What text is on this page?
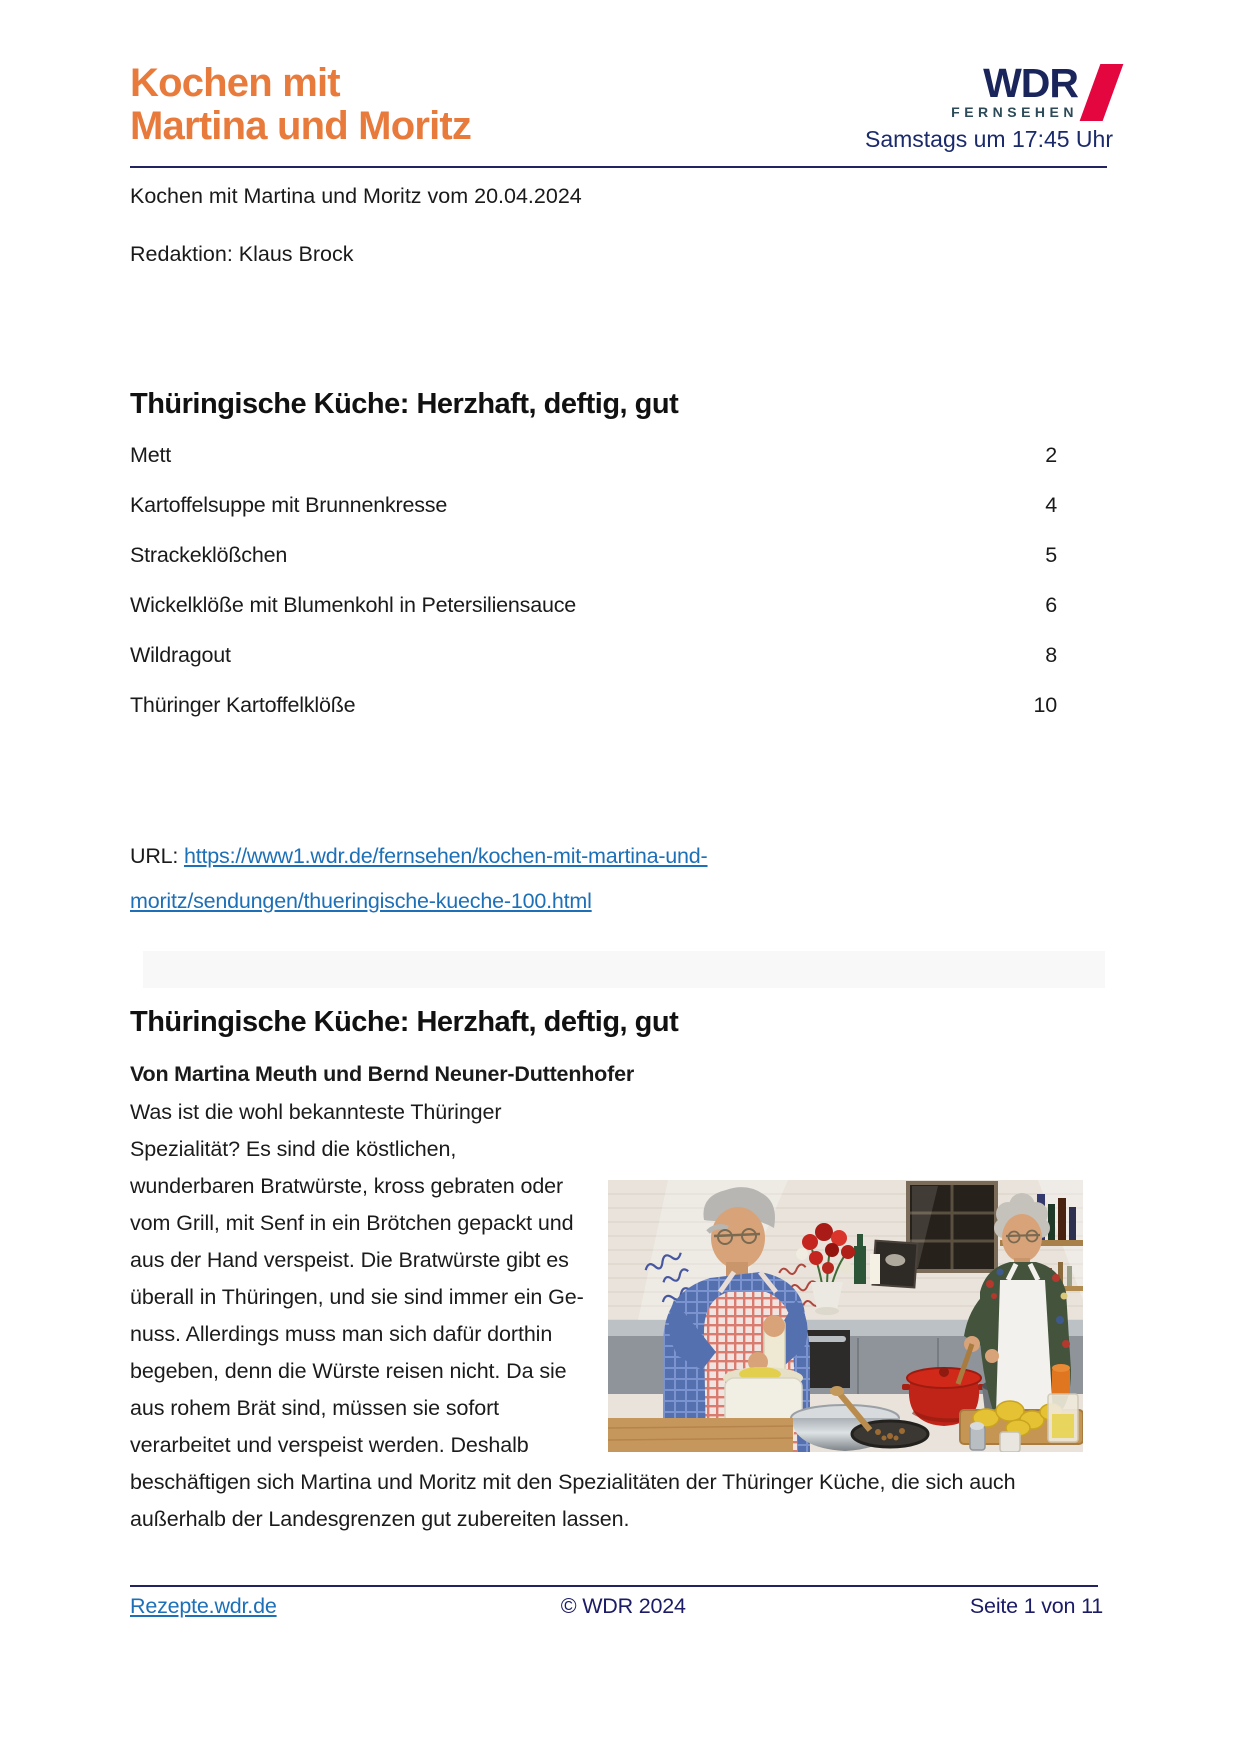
Kochen mit
Martina und Moritz
WDR
FERNSEHEN
Samstags um 17:45 Uhr
Kochen mit Martina und Moritz vom 20.04.2024
Redaktion: Klaus Brock
Thüringische Küche: Herzhaft, deftig, gut
Mett	2
Kartoffelsuppe mit Brunnenkresse	4
Strackeklößchen	5
Wickelklöße mit Blumenkohl in Petersiliensauce	6
Wildragout	8
Thüringer Kartoffelklöße	10
URL: https://www1.wdr.de/fernsehen/kochen-mit-martina-und-
moritz/sendungen/thueringische-kueche-100.html
Thüringische Küche: Herzhaft, deftig, gut
Von Martina Meuth und Bernd Neuner-Duttenhofer
Was ist die wohl bekannteste Thüringer Spezialität? Es sind die köstlichen, wunderbaren Bratwürste, kross gebraten oder vom Grill, mit Senf in ein Brötchen gepackt und aus der Hand verspeist. Die Bratwürste gibt es überall in Thüringen, und sie sind immer ein Genuss. Allerdings muss man sich dafür dorthin begeben, denn die Würste reisen nicht. Da sie aus rohem Brät sind, müssen sie sofort verarbeitet und verspeist werden. Deshalb beschäftigen sich Martina und Moritz mit den Spezialitäten der Thüringer Küche, die sich auch außerhalb der Landesgrenzen gut zubereiten lassen.
Rezepte.wdr.de	© WDR 2024	Seite 1 von 11
